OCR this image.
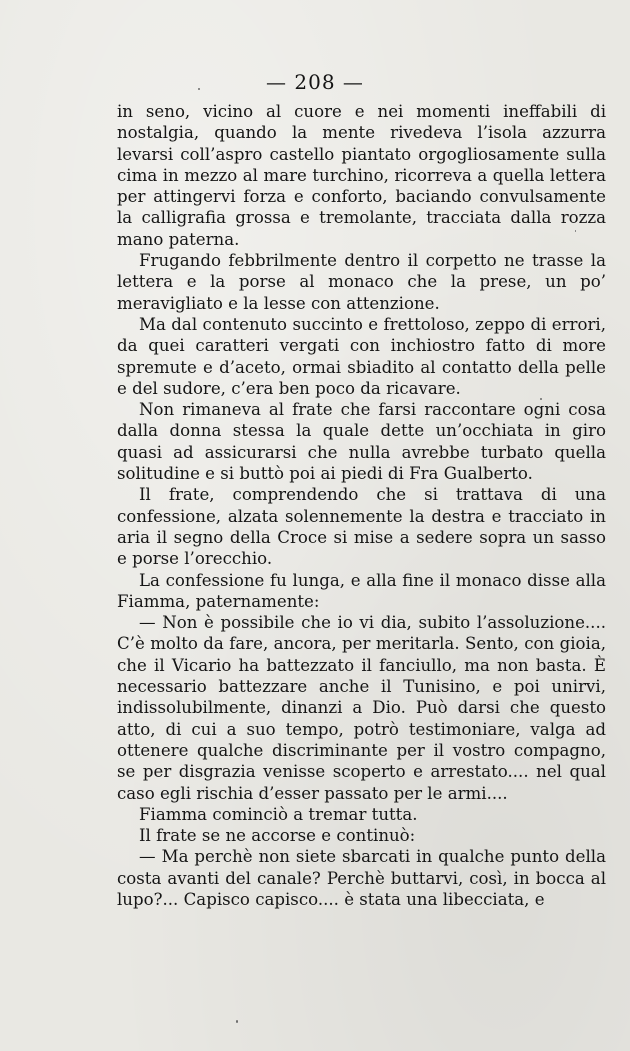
— 208 —

in seno, vicino al cuore e nei momenti ineffabili di nostalgia, quando la mente rivedeva l’isola azzurra levarsi coll’aspro castello piantato orgogliosamente sulla cima in mezzo al mare turchino, ricorreva a quella lettera per attingervi forza e conforto, baciando convulsamente la calligrafia grossa e tremolante, tracciata dalla rozza mano paterna.

Frugando febbrilmente dentro il corpetto ne trasse la lettera e la porse al monaco che la prese, un po’ meravigliato e la lesse con attenzione.

Ma dal contenuto succinto e frettoloso, zeppo di errori, da quei caratteri vergati con inchiostro fatto di more spremute e d’aceto, ormai sbiadito al contatto della pelle e del sudore, c’era ben poco da ricavare.

Non rimaneva al frate che farsi raccontare ogni cosa dalla donna stessa la quale dette un’occhiata in giro quasi ad assicurarsi che nulla avrebbe turbato quella solitudine e si buttò poi ai piedi di Fra Gualberto.

Il frate, comprendendo che si trattava di una confessione, alzata solennemente la destra e tracciato in aria il segno della Croce si mise a sedere sopra un sasso e porse l’orecchio.

La confessione fu lunga, e alla fine il monaco disse alla Fiamma, paternamente:

— Non è possibile che io vi dia, subito l’assoluzione.... C’è molto da fare, ancora, per meritarla. Sento, con gioia, che il Vicario ha battezzato il fanciullo, ma non basta. È necessario battezzare anche il Tunisino, e poi unirvi, indissolubilmente, dinanzi a Dio. Può darsi che questo atto, di cui a suo tempo, potrò testimoniare, valga ad ottenere qualche discriminante per il vostro compagno, se per disgrazia venisse scoperto e arrestato.... nel qual caso egli rischia d’esser passato per le armi....

Fiamma cominciò a tremar tutta.

Il frate se ne accorse e continuò:

— Ma perchè non siete sbarcati in qualche punto della costa avanti del canale? Perchè buttarvi, così, in bocca al lupo?... Capisco capisco.... è stata una libecciata, e
